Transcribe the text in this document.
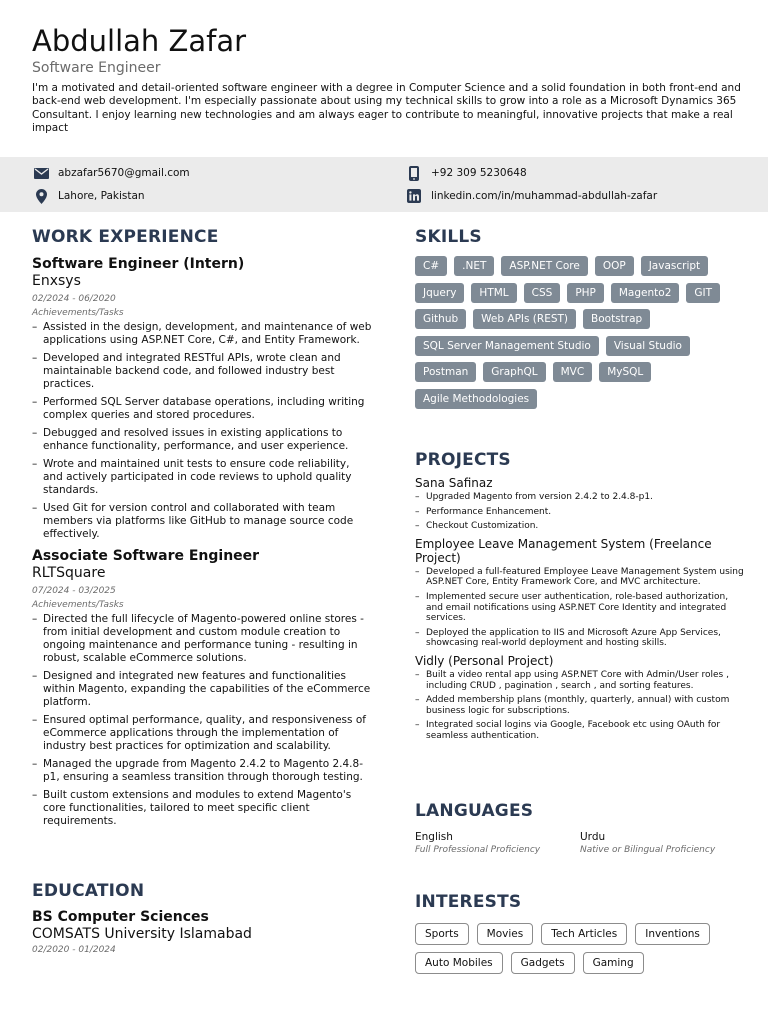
Abdullah Zafar
Software Engineer
I'm a motivated and detail-oriented software engineer with a degree in Computer Science and a solid foundation in both front-end and back-end web development. I'm especially passionate about using my technical skills to grow into a role as a Microsoft Dynamics 365 Consultant. I enjoy learning new technologies and am always eager to contribute to meaningful, innovative projects that make a real impact
abzafar5670@gmail.com	+92 309 5230648
Lahore, Pakistan	linkedin.com/in/muhammad-abdullah-zafar
WORK EXPERIENCE
Software Engineer (Intern)
Enxsys
02/2024 - 06/2020
Achievements/Tasks
– Assisted in the design, development, and maintenance of web applications using ASP.NET Core, C#, and Entity Framework.
– Developed and integrated RESTful APIs, wrote clean and maintainable backend code, and followed industry best practices.
– Performed SQL Server database operations, including writing complex queries and stored procedures.
– Debugged and resolved issues in existing applications to enhance functionality, performance, and user experience.
– Wrote and maintained unit tests to ensure code reliability, and actively participated in code reviews to uphold quality standards.
– Used Git for version control and collaborated with team members via platforms like GitHub to manage source code effectively.
Associate Software Engineer
RLTSquare
07/2024 - 03/2025
Achievements/Tasks
– Directed the full lifecycle of Magento-powered online stores - from initial development and custom module creation to ongoing maintenance and performance tuning - resulting in robust, scalable eCommerce solutions.
– Designed and integrated new features and functionalities within Magento, expanding the capabilities of the eCommerce platform.
– Ensured optimal performance, quality, and responsiveness of eCommerce applications through the implementation of industry best practices for optimization and scalability.
– Managed the upgrade from Magento 2.4.2 to Magento 2.4.8-p1, ensuring a seamless transition through thorough testing.
– Built custom extensions and modules to extend Magento's core functionalities, tailored to meet specific client requirements.
EDUCATION
BS Computer Sciences
COMSATS University Islamabad
02/2020 - 01/2024
SKILLS
C#	.NET	ASP.NET Core	OOP	Javascript
Jquery	HTML	CSS	PHP	Magento2	GIT
Github	Web APIs (REST)	Bootstrap
SQL Server Management Studio	Visual Studio
Postman	GraphQL	MVC	MySQL
Agile Methodologies
PROJECTS
Sana Safinaz
– Upgraded Magento from version 2.4.2 to 2.4.8-p1.
– Performance Enhancement.
– Checkout Customization.
Employee Leave Management System (Freelance Project)
– Developed a full-featured Employee Leave Management System using ASP.NET Core, Entity Framework Core, and MVC architecture.
– Implemented secure user authentication, role-based authorization, and email notifications using ASP.NET Core Identity and integrated services.
– Deployed the application to IIS and Microsoft Azure App Services, showcasing real-world deployment and hosting skills.
Vidly (Personal Project)
– Built a video rental app using ASP.NET Core with Admin/User roles , including CRUD , pagination , search , and sorting features.
– Added membership plans (monthly, quarterly, annual) with custom business logic for subscriptions.
– Integrated social logins via Google, Facebook etc using OAuth for seamless authentication.
LANGUAGES
English
Full Professional Proficiency
Urdu
Native or Bilingual Proficiency
INTERESTS
Sports	Movies	Tech Articles	Inventions
Auto Mobiles	Gadgets	Gaming
